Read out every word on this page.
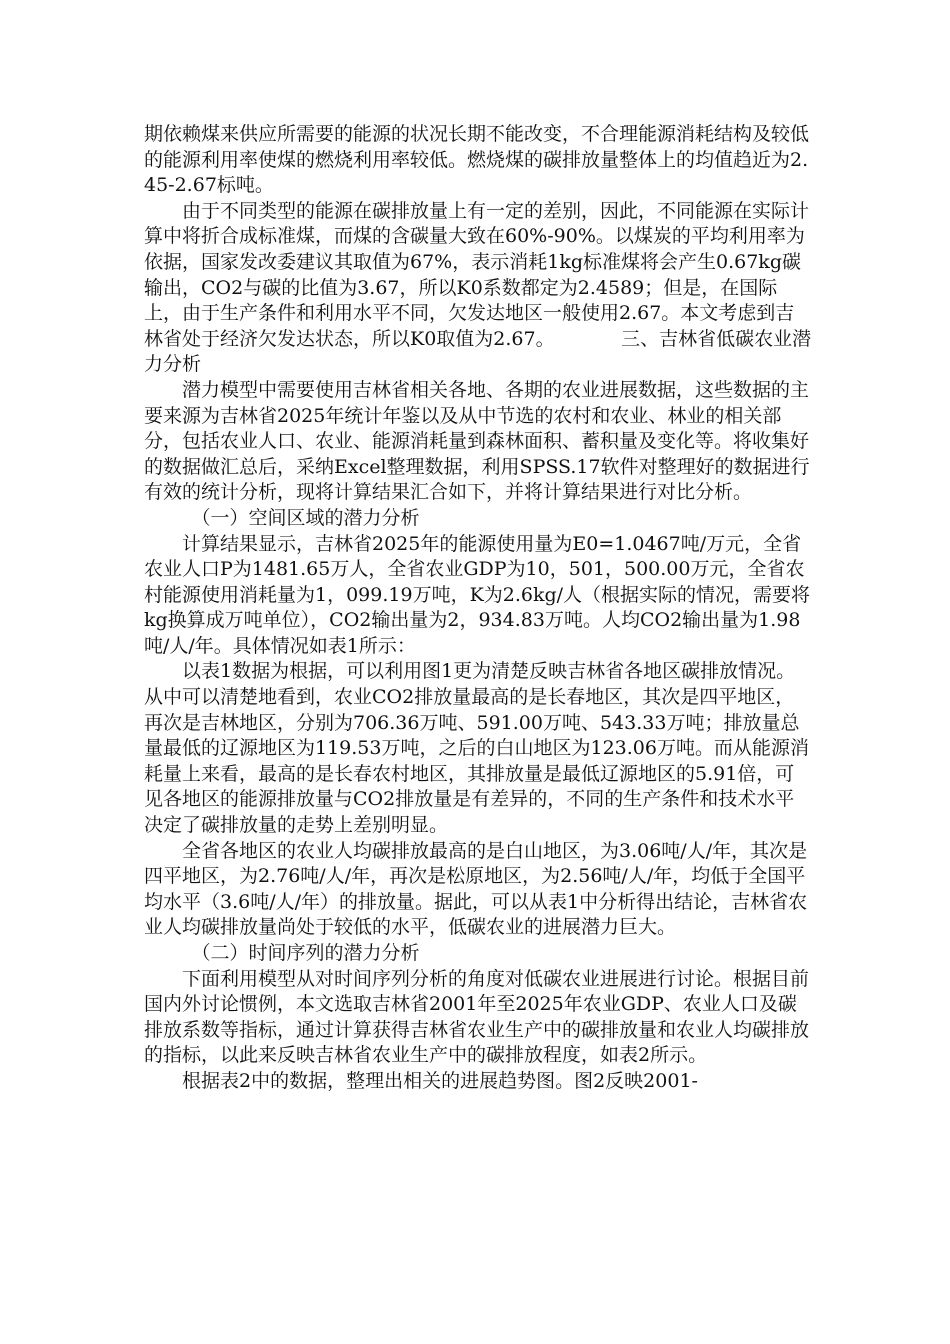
期依赖煤来供应所需要的能源的状况长期不能改变，不合理能源消耗结构及较低的能源利用率使煤的燃烧利用率较低。燃烧煤的碳排放量整体上的均值趋近为2.45-2.67标吨。

由于不同类型的能源在碳排放量上有一定的差别，因此，不同能源在实际计算中将折合成标准煤，而煤的含碳量大致在60%-90%。以煤炭的平均利用率为依据，国家发改委建议其取值为67%，表示消耗1kg标准煤将会产生0.67kg碳输出，CO2与碳的比值为3.67，所以K0系数都定为2.4589；但是，在国际上，由于生产条件和利用水平不同，欠发达地区一般使用2.67。本文考虑到吉林省处于经济欠发达状态，所以K0取值为2.67。　　　　三、吉林省低碳农业潜力分析

潜力模型中需要使用吉林省相关各地、各期的农业进展数据，这些数据的主要来源为吉林省2025年统计年鉴以及从中节选的农村和农业、林业的相关部分，包括农业人口、农业、能源消耗量到森林面积、蓄积量及变化等。将收集好的数据做汇总后，采纳Excel整理数据，利用SPSS.17软件对整理好的数据进行有效的统计分析，现将计算结果汇合如下，并将计算结果进行对比分析。

（一）空间区域的潜力分析

计算结果显示，吉林省2025年的能源使用量为E0=1.0467吨/万元，全省农业人口P为1481.65万人，全省农业GDP为10，501，500.00万元，全省农村能源使用消耗量为1，099.19万吨，K为2.6kg/人（根据实际的情况，需要将kg换算成万吨单位），CO2输出量为2，934.83万吨。人均CO2输出量为1.98吨/人/年。具体情况如表1所示：

以表1数据为根据，可以利用图1更为清楚反映吉林省各地区碳排放情况。从中可以清楚地看到，农业CO2排放量最高的是长春地区，其次是四平地区，再次是吉林地区，分别为706.36万吨、591.00万吨、543.33万吨；排放量总量最低的辽源地区为119.53万吨，之后的白山地区为123.06万吨。而从能源消耗量上来看，最高的是长春农村地区，其排放量是最低辽源地区的5.91倍，可见各地区的能源排放量与CO2排放量是有差异的，不同的生产条件和技术水平决定了碳排放量的走势上差别明显。

全省各地区的农业人均碳排放最高的是白山地区，为3.06吨/人/年，其次是四平地区，为2.76吨/人/年，再次是松原地区，为2.56吨/人/年，均低于全国平均水平（3.6吨/人/年）的排放量。据此，可以从表1中分析得出结论，吉林省农业人均碳排放量尚处于较低的水平，低碳农业的进展潜力巨大。

（二）时间序列的潜力分析

下面利用模型从对时间序列分析的角度对低碳农业进展进行讨论。根据目前国内外讨论惯例，本文选取吉林省2001年至2025年农业GDP、农业人口及碳排放系数等指标，通过计算获得吉林省农业生产中的碳排放量和农业人均碳排放的指标，以此来反映吉林省农业生产中的碳排放程度，如表2所示。

根据表2中的数据，整理出相关的进展趋势图。图2反映2001-
